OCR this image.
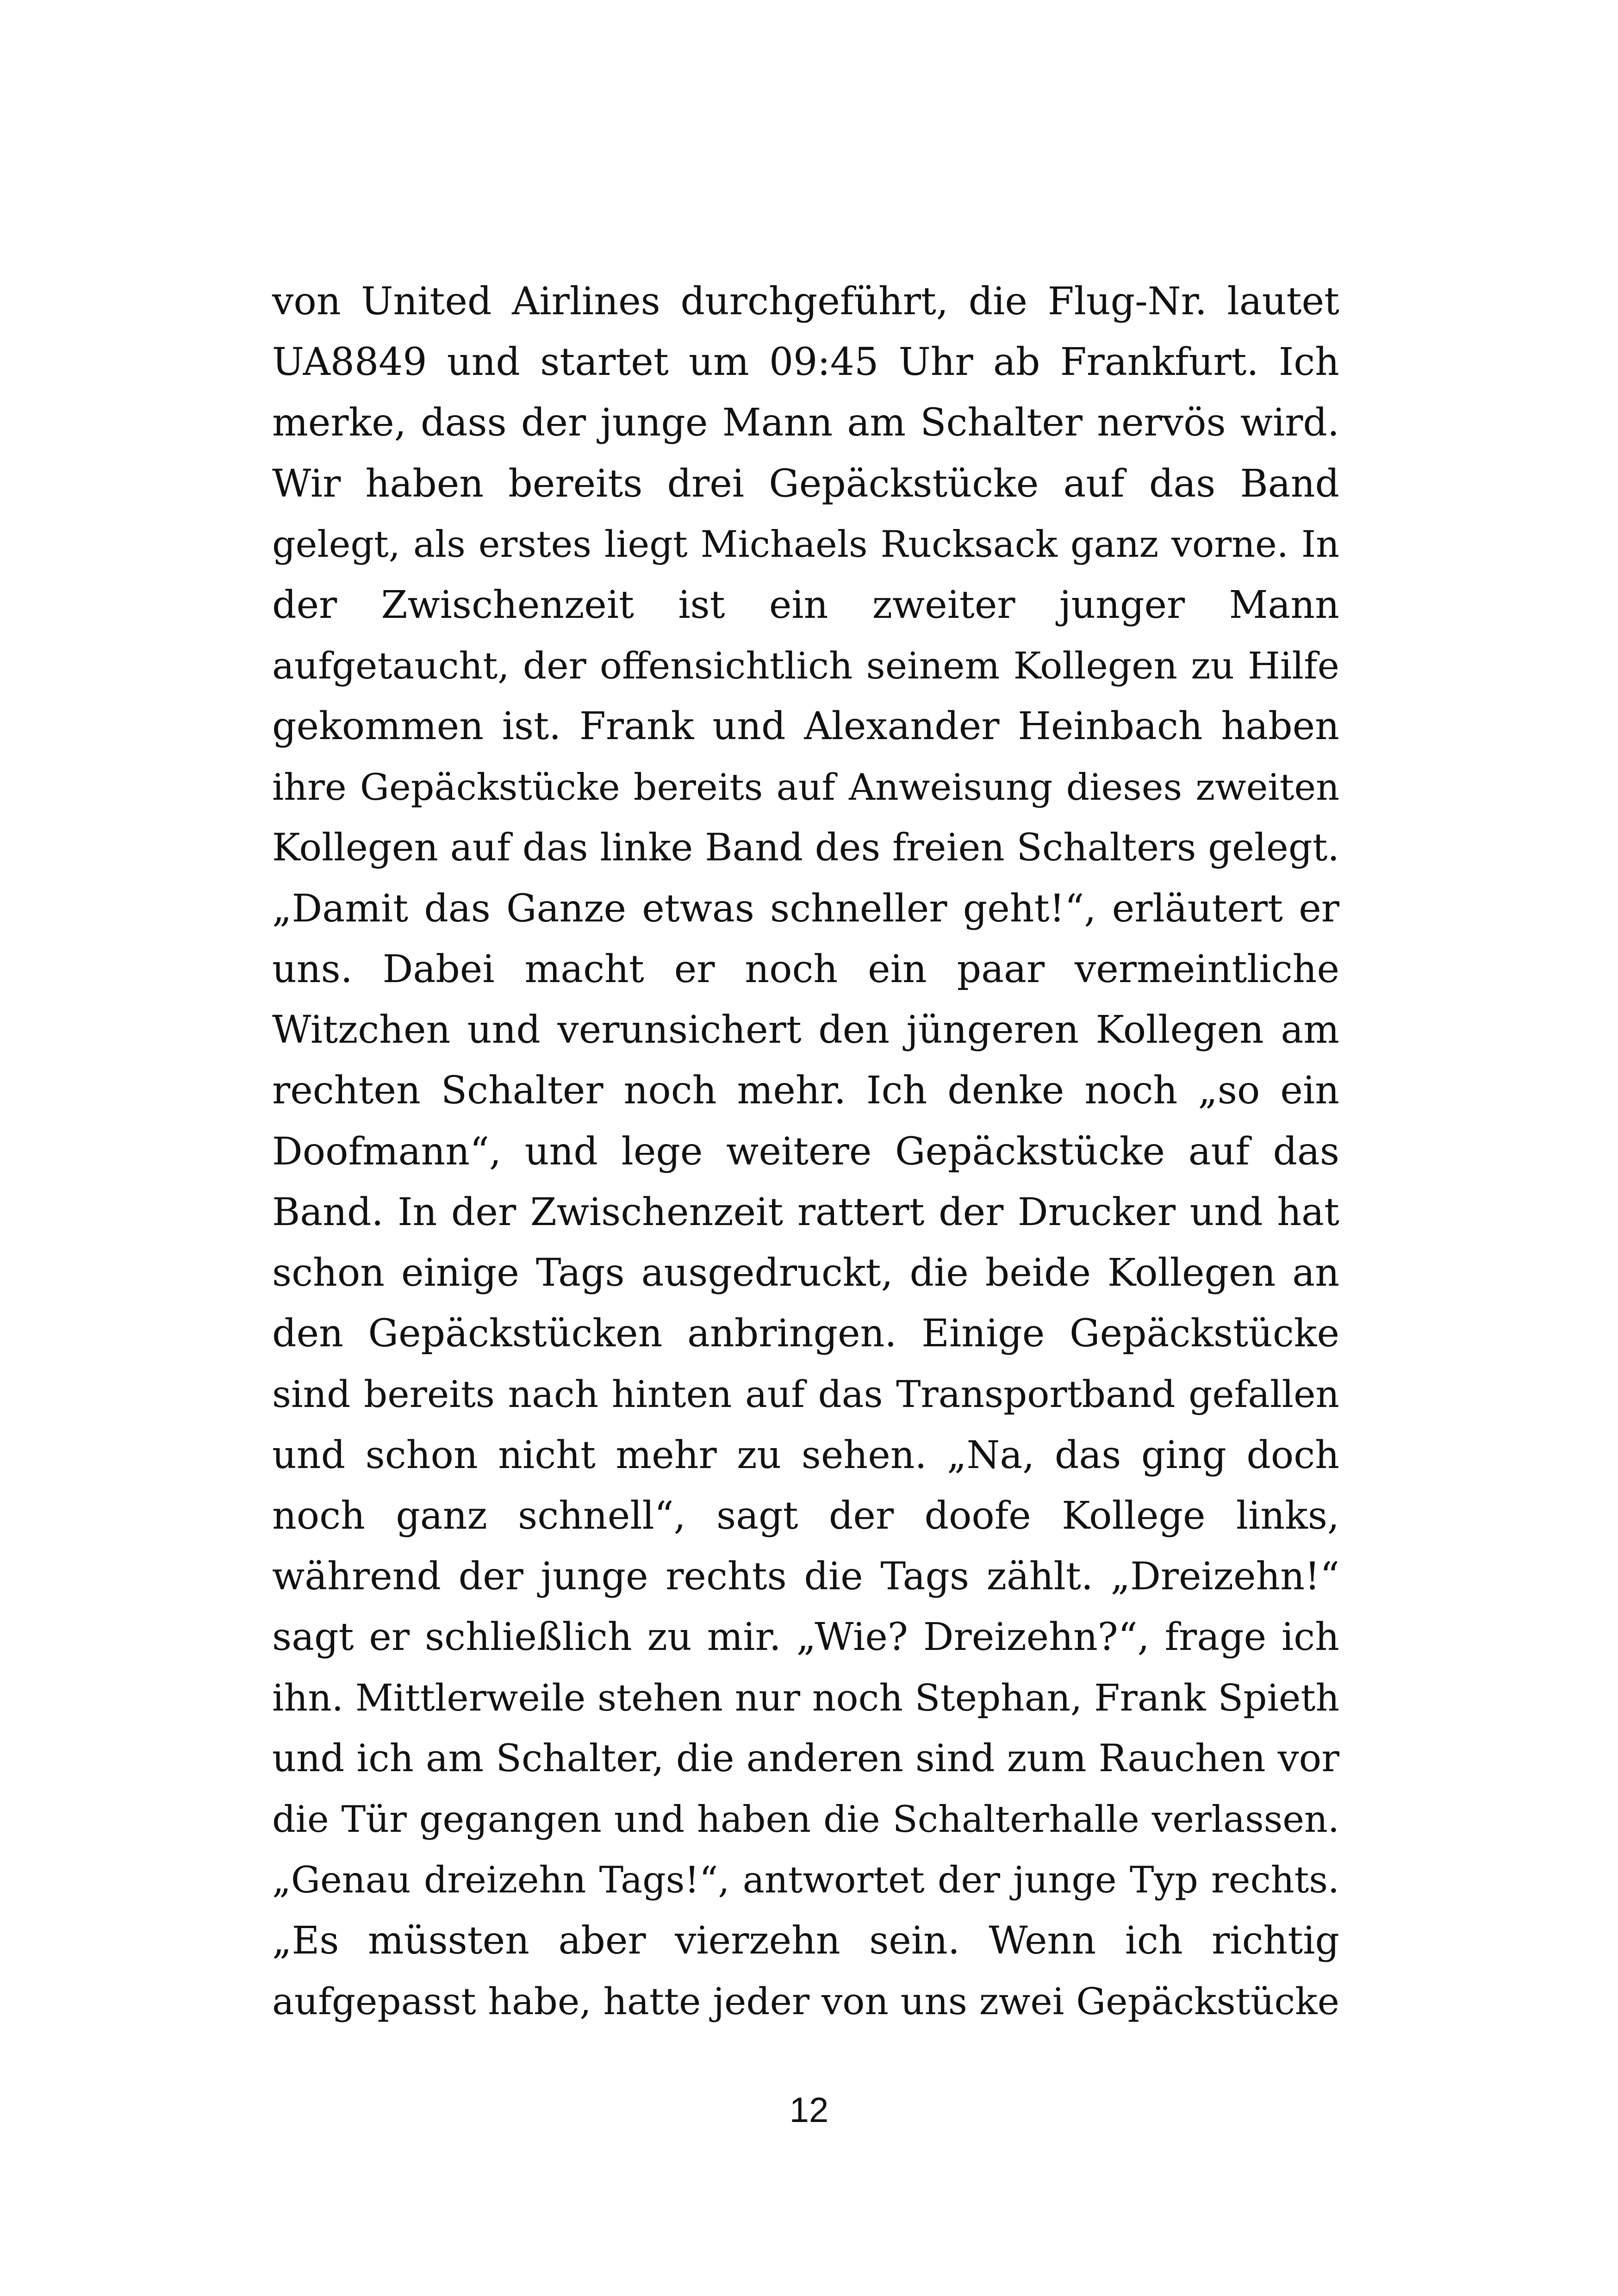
von United Airlines durchgeführt, die Flug-Nr. lautet
UA8849 und startet um 09:45 Uhr ab Frankfurt. Ich
merke, dass der junge Mann am Schalter nervös wird.
Wir haben bereits drei Gepäckstücke auf das Band
gelegt, als erstes liegt Michaels Rucksack ganz vorne. In
der Zwischenzeit ist ein zweiter junger Mann
aufgetaucht, der offensichtlich seinem Kollegen zu Hilfe
gekommen ist. Frank und Alexander Heinbach haben
ihre Gepäckstücke bereits auf Anweisung dieses zweiten
Kollegen auf das linke Band des freien Schalters gelegt.
„Damit das Ganze etwas schneller geht!“, erläutert er
uns. Dabei macht er noch ein paar vermeintliche
Witzchen und verunsichert den jüngeren Kollegen am
rechten Schalter noch mehr. Ich denke noch „so ein
Doofmann“, und lege weitere Gepäckstücke auf das
Band. In der Zwischenzeit rattert der Drucker und hat
schon einige Tags ausgedruckt, die beide Kollegen an
den Gepäckstücken anbringen. Einige Gepäckstücke
sind bereits nach hinten auf das Transportband gefallen
und schon nicht mehr zu sehen. „Na, das ging doch
noch ganz schnell“, sagt der doofe Kollege links,
während der junge rechts die Tags zählt. „Dreizehn!“
sagt er schließlich zu mir. „Wie? Dreizehn?“, frage ich
ihn. Mittlerweile stehen nur noch Stephan, Frank Spieth
und ich am Schalter, die anderen sind zum Rauchen vor
die Tür gegangen und haben die Schalterhalle verlassen.
„Genau dreizehn Tags!“, antwortet der junge Typ rechts.
„Es müssten aber vierzehn sein. Wenn ich richtig
aufgepasst habe, hatte jeder von uns zwei Gepäckstücke
12
